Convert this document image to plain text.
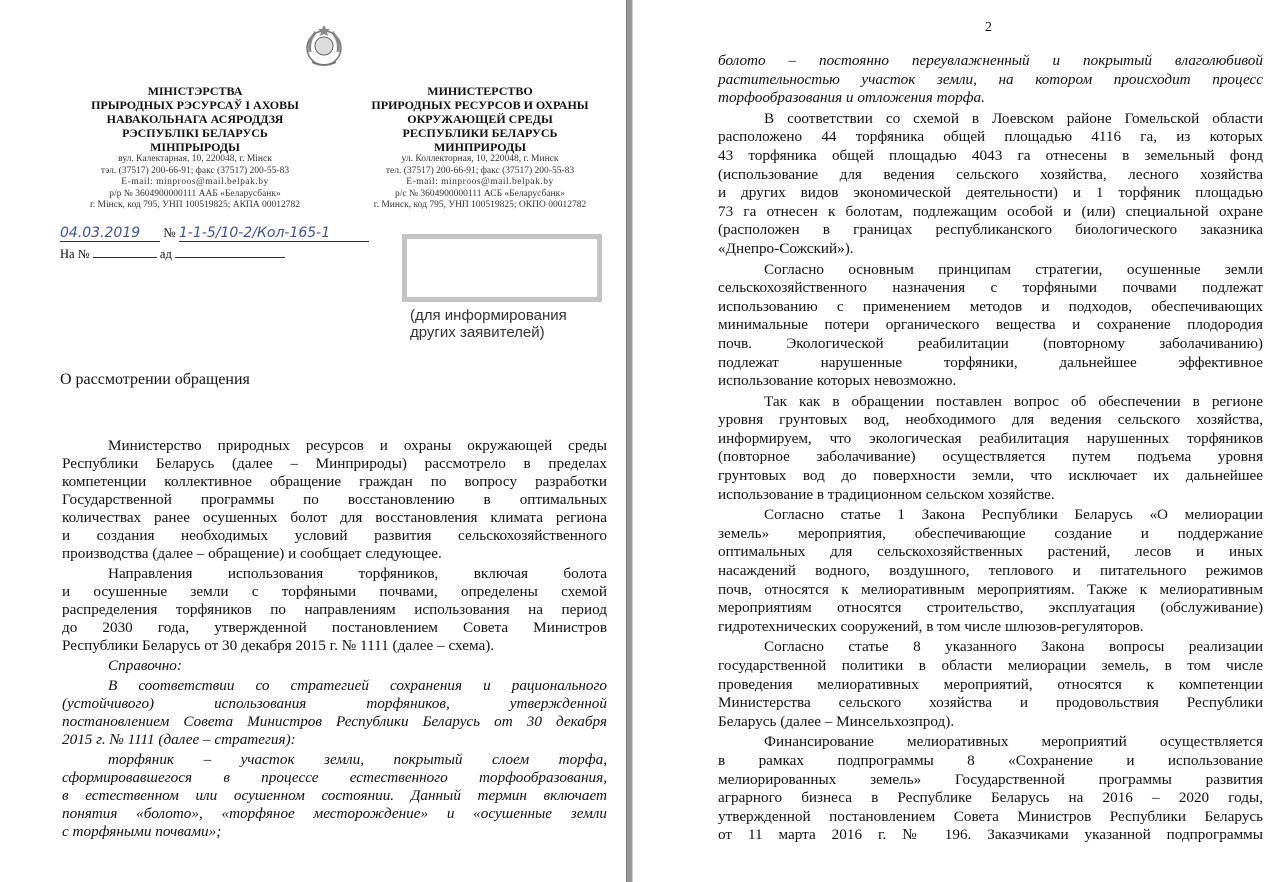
МІНІСТЭРСТВА
ПРЫРОДНЫХ РЭСУРСАЎ І АХОВЫ
НАВАКОЛЬНАГА АСЯРОДДЗЯ
РЭСПУБЛІКІ БЕЛАРУСЬ
МІНПРЫРОДЫ
вул. Калектарная, 10, 220048, г. Мінск
тэл. (37517) 200-66-91; факс (37517) 200-55-83
E-mail: minproos@mail.belpak.by
р/р № 3604900000111 ААБ «Беларусбанк»
г. Мінск, код 795, УНП 100519825; АКПА 00012782
МИНИСТЕРСТВО
ПРИРОДНЫХ РЕСУРСОВ И ОХРАНЫ
ОКРУЖАЮЩЕЙ СРЕДЫ
РЕСПУБЛИКИ БЕЛАРУСЬ
МИНПРИРОДЫ
ул. Коллекторная, 10, 220048, г. Минск
тел. (37517) 200-66-91; факс (37517) 200-55-83
E-mail: minproos@mail.belpak.by
р/с № 3604900000111 АСБ «Беларусбанк»
г. Минск, код 795, УНП 100519825; ОКПО 00012782
04.03.2019 № 1-1-5/10-2/Кол-165-1
На №	ад
(для информирования
других заявителей)
О рассмотрении обращения
Министерство природных ресурсов и охраны окружающей среды
Республики Беларусь (далее – Минприроды) рассмотрело в пределах
компетенции коллективное обращение граждан по вопросу разработки
Государственной программы по восстановлению в оптимальных
количествах ранее осушенных болот для восстановления климата региона
и создания необходимых условий развития сельскохозяйственного
производства (далее – обращение) и сообщает следующее.
Направления использования торфяников, включая болота
и осушенные земли с торфяными почвами, определены схемой
распределения торфяников по направлениям использования на период
до 2030 года, утвержденной постановлением Совета Министров
Республики Беларусь от 30 декабря 2015 г. № 1111 (далее – схема).
Справочно:
В соответствии со стратегией сохранения и рационального
(устойчивого) использования торфяников, утвержденной
постановлением Совета Министров Республики Беларусь от 30 декабря
2015 г. № 1111 (далее – стратегия):
торфяник – участок земли, покрытый слоем торфа,
сформировавшегося в процессе естественного торфообразования,
в естественном или осушенном состоянии. Данный термин включает
понятия «болото», «торфяное месторождение» и «осушенные земли
с торфяными почвами»;
2
болото – постоянно переувлажненный и покрытый влаголюбивой
растительностью участок земли, на котором происходит процесс
торфообразования и отложения торфа.
В соответствии со схемой в Лоевском районе Гомельской области
расположено 44 торфяника общей площадью 4116 га, из которых
43 торфяника общей площадью 4043 га отнесены в земельный фонд
(использование для ведения сельского хозяйства, лесного хозяйства
и других видов экономической деятельности) и 1 торфяник площадью
73 га отнесен к болотам, подлежащим особой и (или) специальной охране
(расположен в границах республиканского биологического заказника
«Днепро-Сожский»).
Согласно основным принципам стратегии, осушенные земли
сельскохозяйственного назначения с торфяными почвами подлежат
использованию с применением методов и подходов, обеспечивающих
минимальные потери органического вещества и сохранение плодородия
почв. Экологической реабилитации (повторному заболачиванию)
подлежат нарушенные торфяники, дальнейшее эффективное
использование которых невозможно.
Так как в обращении поставлен вопрос об обеспечении в регионе
уровня грунтовых вод, необходимого для ведения сельского хозяйства,
информируем, что экологическая реабилитация нарушенных торфяников
(повторное заболачивание) осуществляется путем подъема уровня
грунтовых вод до поверхности земли, что исключает их дальнейшее
использование в традиционном сельском хозяйстве.
Согласно статье 1 Закона Республики Беларусь «О мелиорации
земель» мероприятия, обеспечивающие создание и поддержание
оптимальных для сельскохозяйственных растений, лесов и иных
насаждений водного, воздушного, теплового и питательного режимов
почв, относятся к мелиоративным мероприятиям. Также к мелиоративным
мероприятиям относятся строительство, эксплуатация (обслуживание)
гидротехнических сооружений, в том числе шлюзов-регуляторов.
Согласно статье 8 указанного Закона вопросы реализации
государственной политики в области мелиорации земель, в том числе
проведения мелиоративных мероприятий, относятся к компетенции
Министерства сельского хозяйства и продовольствия Республики
Беларусь (далее – Минсельхозпрод).
Финансирование мелиоративных мероприятий осуществляется
в рамках подпрограммы 8 «Сохранение и использование
мелиорированных земель» Государственной программы развития
аграрного бизнеса в Республике Беларусь на 2016 – 2020 годы,
утвержденной постановлением Совета Министров Республики Беларусь
от 11 марта 2016 г. № 196. Заказчиками указанной подпрограммы
